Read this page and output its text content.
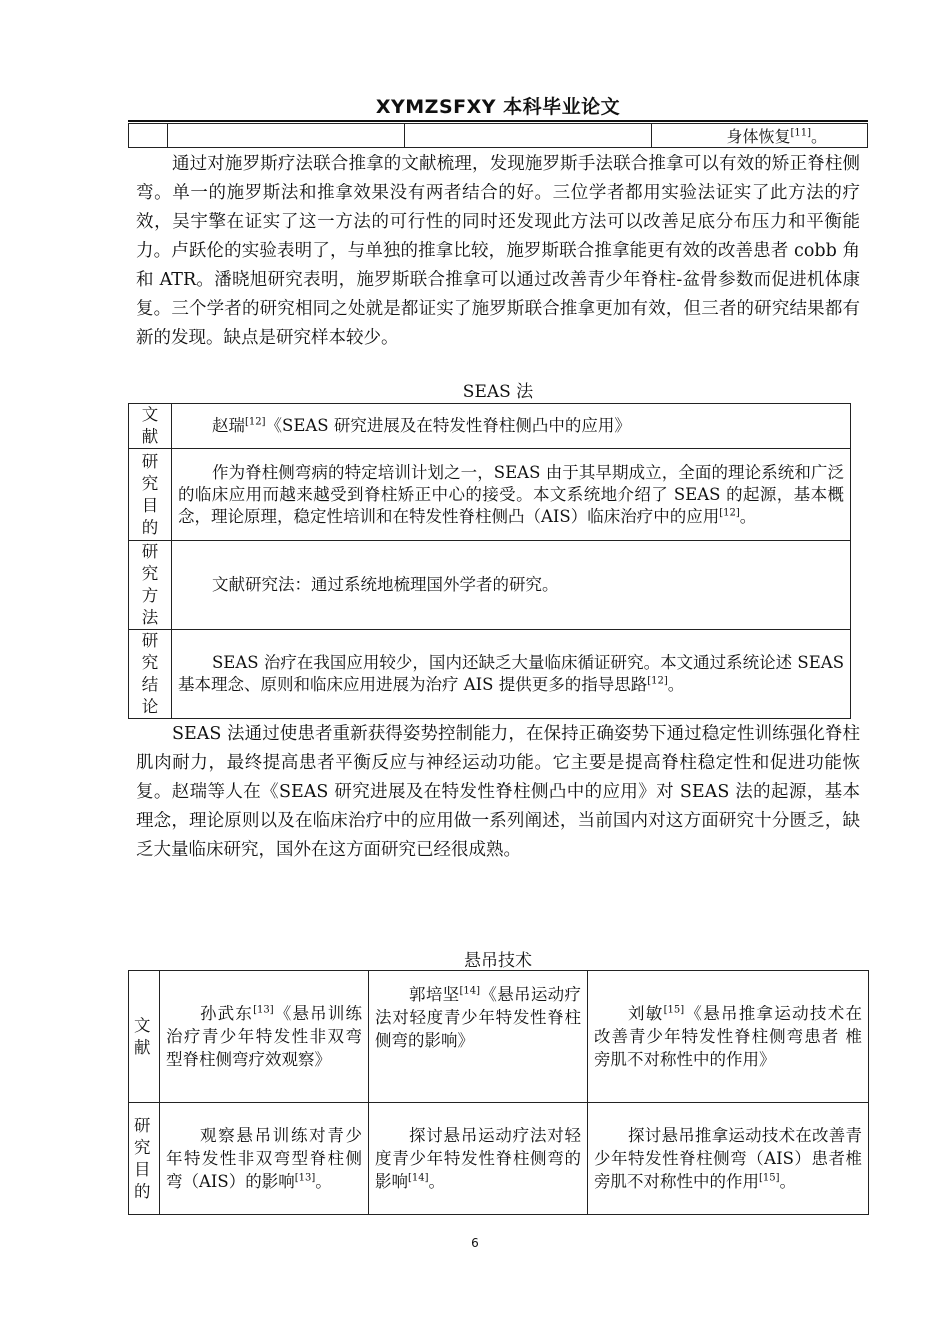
XYMZSFXY 本科毕业论文
			身体恢复[11]。

通过对施罗斯疗法联合推拿的文献梳理，发现施罗斯手法联合推拿可以有效的矫正脊柱侧弯。单一的施罗斯法和推拿效果没有两者结合的好。三位学者都用实验法证实了此方法的疗效，吴宇擎在证实了这一方法的可行性的同时还发现此方法可以改善足底分布压力和平衡能力。卢跃伦的实验表明了，与单独的推拿比较，施罗斯联合推拿能更有效的改善患者 cobb 角和 ATR。潘晓旭研究表明，施罗斯联合推拿可以通过改善青少年脊柱-盆骨参数而促进机体康复。三个学者的研究相同之处就是都证实了施罗斯联合推拿更加有效，但三者的研究结果都有新的发现。缺点是研究样本较少。

SEAS 法
文献	赵瑞[12]《SEAS 研究进展及在特发性脊柱侧凸中的应用》

研究目的	作为脊柱侧弯病的特定培训计划之一，SEAS 由于其早期成立，全面的理论系统和广泛的临床应用而越来越受到脊柱矫正中心的接受。本文系统地介绍了 SEAS 的起源，基本概念，理论原理，稳定性培训和在特发性脊柱侧凸（AIS）临床治疗中的应用[12]。

研究方法	文献研究法：通过系统地梳理国外学者的研究。

研究结论	SEAS 治疗在我国应用较少，国内还缺乏大量临床循证研究。本文通过系统论述 SEAS 基本理念、原则和临床应用进展为治疗 AIS 提供更多的指导思路[12]。

SEAS 法通过使患者重新获得姿势控制能力，在保持正确姿势下通过稳定性训练强化脊柱肌肉耐力，最终提高患者平衡反应与神经运动功能。它主要是提高脊柱稳定性和促进功能恢复。赵瑞等人在《SEAS 研究进展及在特发性脊柱侧凸中的应用》对 SEAS 法的起源，基本理念，理论原则以及在临床治疗中的应用做一系列阐述，当前国内对这方面研究十分匮乏，缺乏大量临床研究，国外在这方面研究已经很成熟。

悬吊技术
文献	孙武东[13]《悬吊训练治疗青少年特发性非双弯型脊柱侧弯疗效观察》	郭培坚[14]《悬吊运动疗法对轻度青少年特发性脊柱侧弯的影响》	刘敏[15]《悬吊推拿运动技术在改善青少年特发性脊柱侧弯患者 椎旁肌不对称性中的作用》

研究目的	观察悬吊训练对青少年特发性非双弯型脊柱侧弯（AIS）的影响[13]。	探讨悬吊运动疗法对轻度青少年特发性脊柱侧弯的影响[14]。	探讨悬吊推拿运动技术在改善青少年特发性脊柱侧弯（AIS）患者椎旁肌不对称性中的作用[15]。
6
